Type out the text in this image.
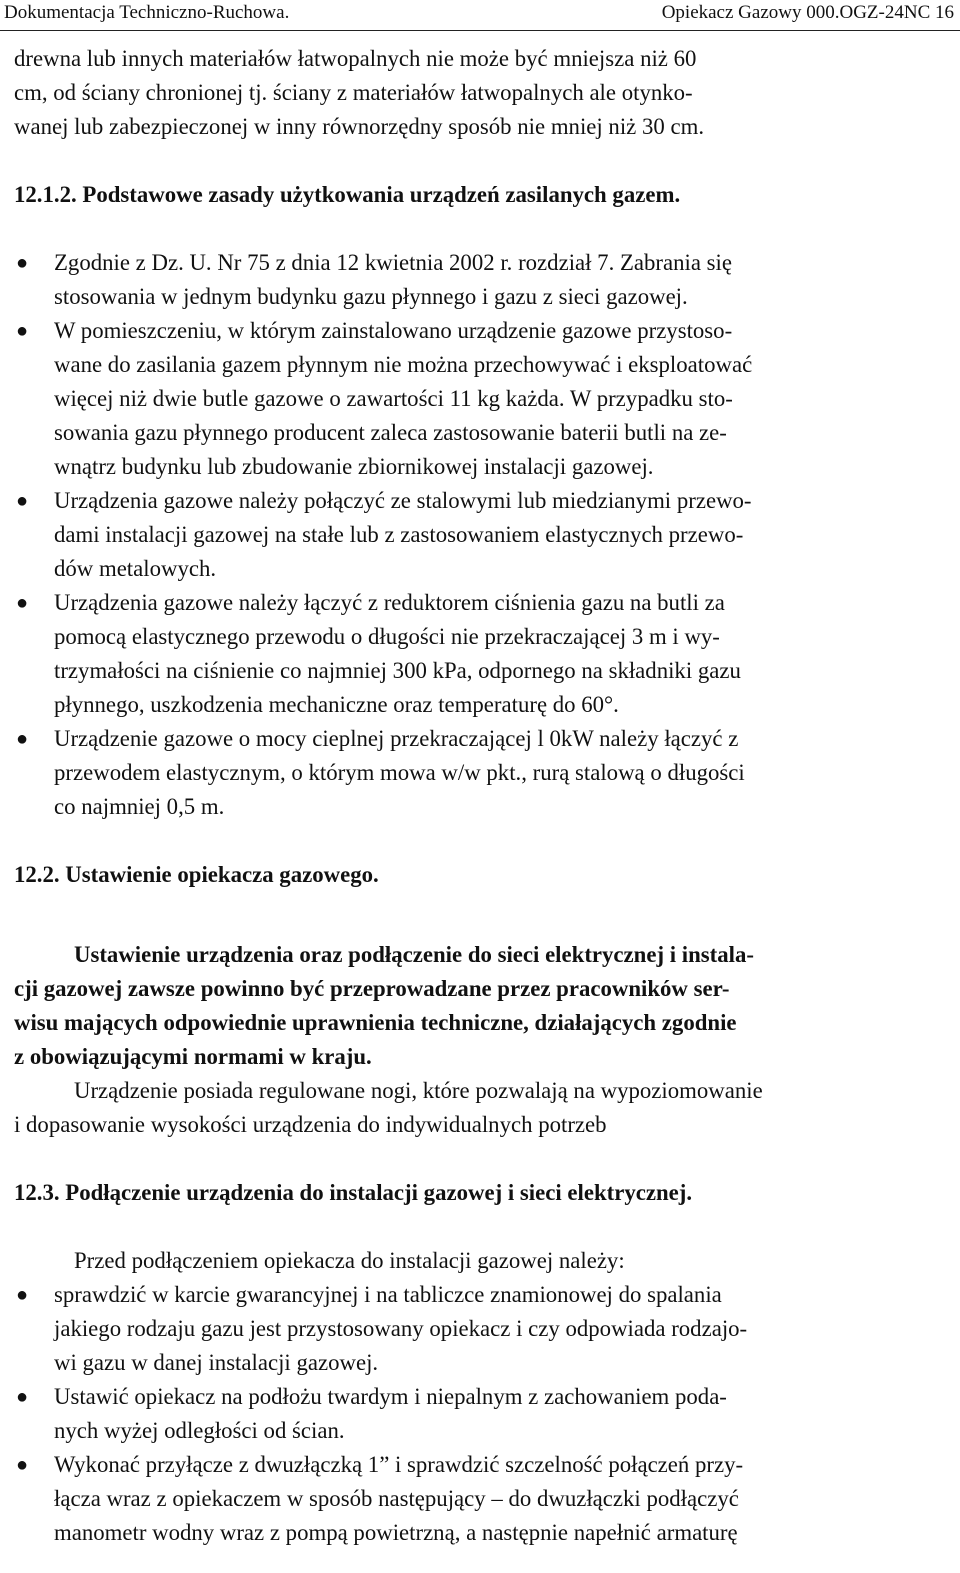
Dokumentacja Techniczno-Ruchowa.	Opiekacz Gazowy 000.OGZ-24NC 16

drewna lub innych materiałów łatwopalnych nie może być mniejsza niż 60
cm, od ściany chronionej tj. ściany z materiałów łatwopalnych ale otynko-
wanej lub zabezpieczonej w inny równorzędny sposób nie mniej niż 30 cm.

12.1.2. Podstawowe zasady użytkowania urządzeń zasilanych gazem.

● Zgodnie z Dz. U. Nr 75 z dnia 12 kwietnia 2002 r. rozdział 7. Zabrania się
stosowania w jednym budynku gazu płynnego i gazu z sieci gazowej.
● W pomieszczeniu, w którym zainstalowano urządzenie gazowe przystoso-
wane do zasilania gazem płynnym nie można przechowywać i eksploatować
więcej niż dwie butle gazowe o zawartości 11 kg każda. W przypadku sto-
sowania gazu płynnego producent zaleca zastosowanie baterii butli na ze-
wnątrz budynku lub zbudowanie zbiornikowej instalacji gazowej.
● Urządzenia gazowe należy połączyć ze stalowymi lub miedzianymi przewo-
dami instalacji gazowej na stałe lub z zastosowaniem elastycznych przewo-
dów metalowych.
● Urządzenia gazowe należy łączyć z reduktorem ciśnienia gazu na butli za
pomocą elastycznego przewodu o długości nie przekraczającej 3 m i wy-
trzymałości na ciśnienie co najmniej 300 kPa, odpornego na składniki gazu
płynnego, uszkodzenia mechaniczne oraz temperaturę do 60°.
● Urządzenie gazowe o mocy cieplnej przekraczającej l 0kW należy łączyć z
przewodem elastycznym, o którym mowa w/w pkt., rurą stalową o długości
co najmniej 0,5 m.

12.2. Ustawienie opiekacza gazowego.

Ustawienie urządzenia oraz podłączenie do sieci elektrycznej i instala-
cji gazowej zawsze powinno być przeprowadzane przez pracowników ser-
wisu mających odpowiednie uprawnienia techniczne, działających zgodnie
z obowiązującymi normami w kraju.

Urządzenie posiada regulowane nogi, które pozwalają na wypoziomowanie
i dopasowanie wysokości urządzenia do indywidualnych potrzeb

12.3. Podłączenie urządzenia do instalacji gazowej i sieci elektrycznej.

Przed podłączeniem opiekacza do instalacji gazowej należy:

● sprawdzić w karcie gwarancyjnej i na tabliczce znamionowej do spalania
jakiego rodzaju gazu jest przystosowany opiekacz i czy odpowiada rodzajo-
wi gazu w danej instalacji gazowej.
● Ustawić opiekacz na podłożu twardym i niepalnym z zachowaniem poda-
nych wyżej odległości od ścian.
● Wykonać przyłącze z dwuzłączką 1” i sprawdzić szczelność połączeń przy-
łącza wraz z opiekaczem w sposób następujący – do dwuzłączki podłączyć
manometr wodny wraz z pompą powietrzną, a następnie napełnić armaturę
